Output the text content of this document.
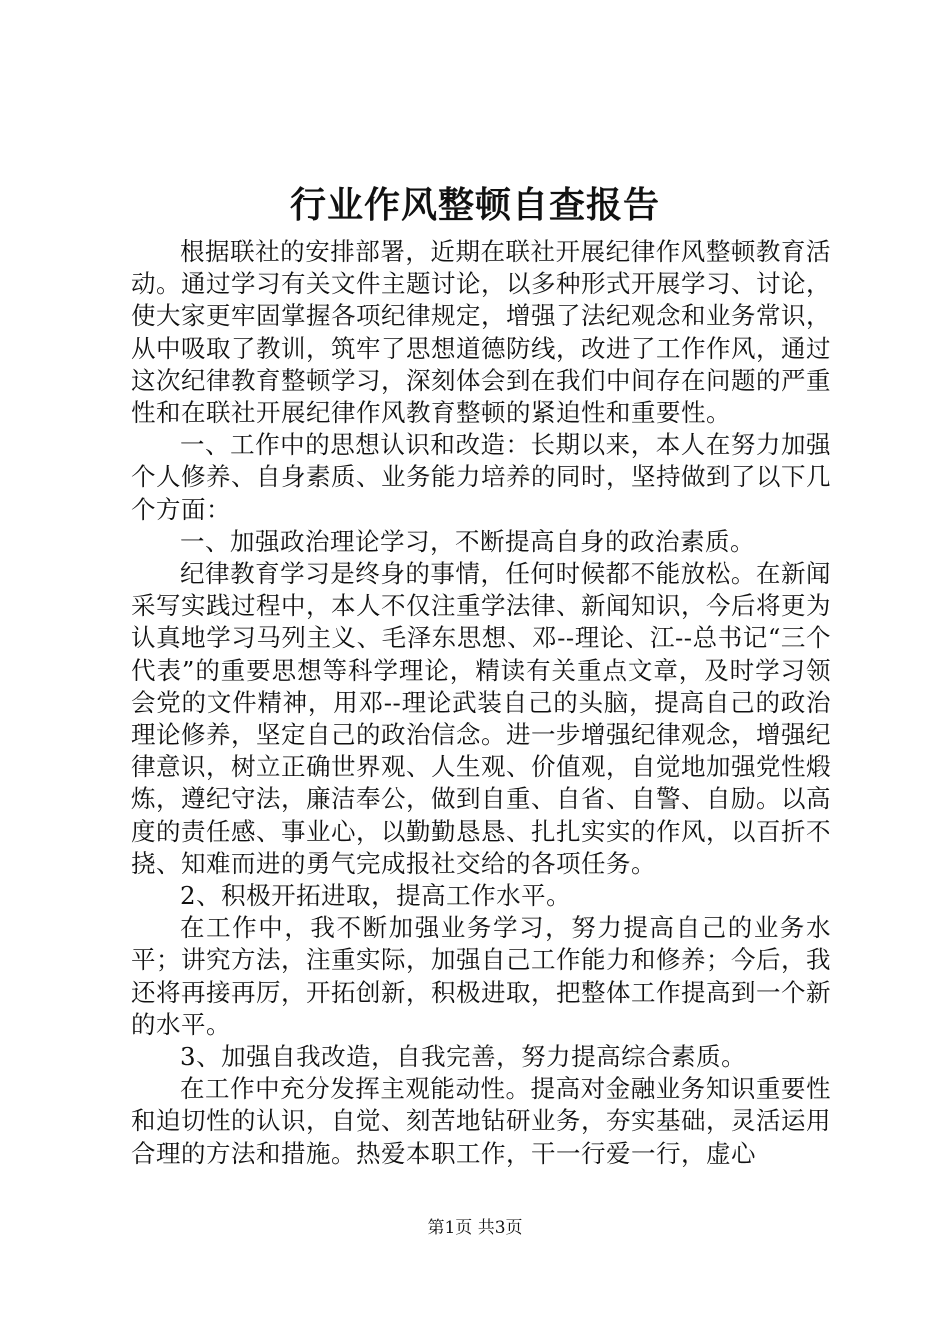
行业作风整顿自查报告

根据联社的安排部署，近期在联社开展纪律作风整顿教育活动。通过学习有关文件主题讨论，以多种形式开展学习、讨论，使大家更牢固掌握各项纪律规定，增强了法纪观念和业务常识，从中吸取了教训，筑牢了思想道德防线，改进了工作作风，通过这次纪律教育整顿学习，深刻体会到在我们中间存在问题的严重性和在联社开展纪律作风教育整顿的紧迫性和重要性。

一、工作中的思想认识和改造：长期以来，本人在努力加强个人修养、自身素质、业务能力培养的同时，坚持做到了以下几个方面：

一、加强政治理论学习，不断提高自身的政治素质。

纪律教育学习是终身的事情，任何时候都不能放松。在新闻采写实践过程中，本人不仅注重学法律、新闻知识，今后将更为认真地学习马列主义、毛泽东思想、邓--理论、江--总书记“三个代表”的重要思想等科学理论，精读有关重点文章，及时学习领会党的文件精神，用邓--理论武装自己的头脑，提高自己的政治理论修养，坚定自己的政治信念。进一步增强纪律观念，增强纪律意识，树立正确世界观、人生观、价值观，自觉地加强党性煅炼，遵纪守法，廉洁奉公，做到自重、自省、自警、自励。以高度的责任感、事业心，以勤勤恳恳、扎扎实实的作风，以百折不挠、知难而进的勇气完成报社交给的各项任务。

2、积极开拓进取，提高工作水平。

在工作中，我不断加强业务学习，努力提高自己的业务水平；讲究方法，注重实际，加强自己工作能力和修养；今后，我还将再接再厉，开拓创新，积极进取，把整体工作提高到一个新的水平。

3、加强自我改造，自我完善，努力提高综合素质。

在工作中充分发挥主观能动性。提高对金融业务知识重要性和迫切性的认识，自觉、刻苦地钻研业务，夯实基础，灵活运用合理的方法和措施。热爱本职工作，干一行爱一行，虚心

第1页 共3页
